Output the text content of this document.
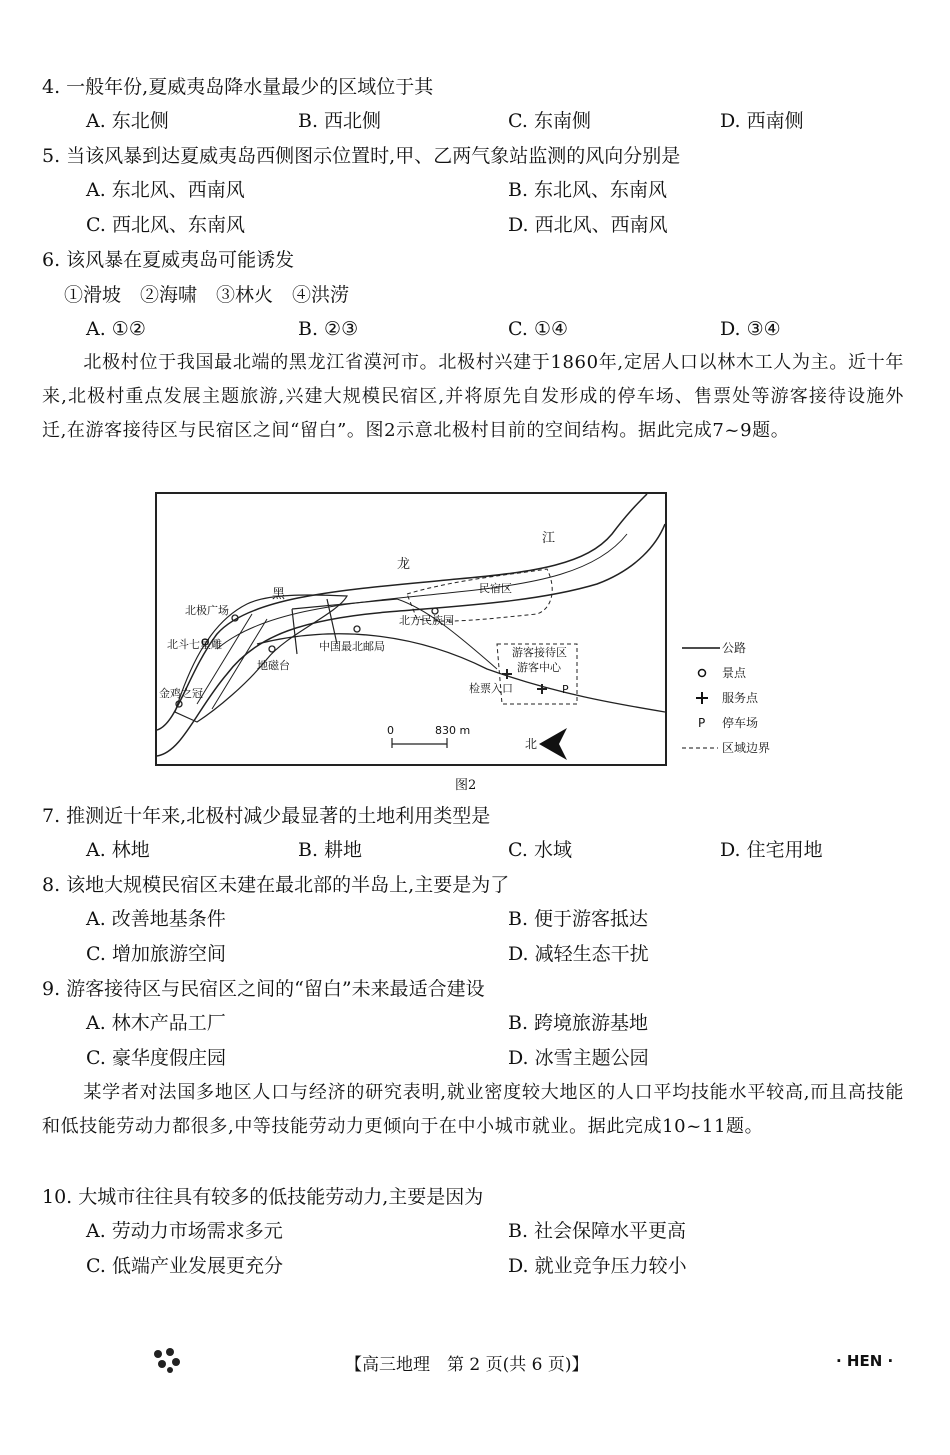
4. 一般年份,夏威夷岛降水量最少的区域位于其
A. 东北侧	B. 西北侧	C. 东南侧	D. 西南侧
5. 当该风暴到达夏威夷岛西侧图示位置时,甲、乙两气象站监测的风向分别是
A. 东北风、西南风	B. 东北风、东南风
C. 西北风、东南风	D. 西北风、西南风
6. 该风暴在夏威夷岛可能诱发
①滑坡　②海啸　③林火　④洪涝
A. ①②	B. ②③	C. ①④	D. ③④
北极村位于我国最北端的黑龙江省漠河市。北极村兴建于1860年,定居人口以林木工人为主。近十年来,北极村重点发展主题旅游,兴建大规模民宿区,并将原先自发形成的停车场、售票处等游客接待设施外迁,在游客接待区与民宿区之间“留白”。图2示意北极村目前的空间结构。据此完成7~9题。
P
黑
龙
江
北极广场
北斗七星雕
金鸡之冠
地磁台
中国最北邮局
北方民族园
民宿区
游客接待区
游客中心
检票入口
0	830 m
北
公路
景点
服务点
P 停车场
区域边界
图2
7. 推测近十年来,北极村减少最显著的土地利用类型是
A. 林地	B. 耕地	C. 水域	D. 住宅用地
8. 该地大规模民宿区未建在最北部的半岛上,主要是为了
A. 改善地基条件	B. 便于游客抵达
C. 增加旅游空间	D. 减轻生态干扰
9. 游客接待区与民宿区之间的“留白”未来最适合建设
A. 林木产品工厂	B. 跨境旅游基地
C. 豪华度假庄园	D. 冰雪主题公园
某学者对法国多地区人口与经济的研究表明,就业密度较大地区的人口平均技能水平较高,而且高技能和低技能劳动力都很多,中等技能劳动力更倾向于在中小城市就业。据此完成10~11题。
10. 大城市往往具有较多的低技能劳动力,主要是因为
A. 劳动力市场需求多元	B. 社会保障水平更高
C. 低端产业发展更充分	D. 就业竞争压力较小
【高三地理　第 2 页(共 6 页)】	· HEN ·
